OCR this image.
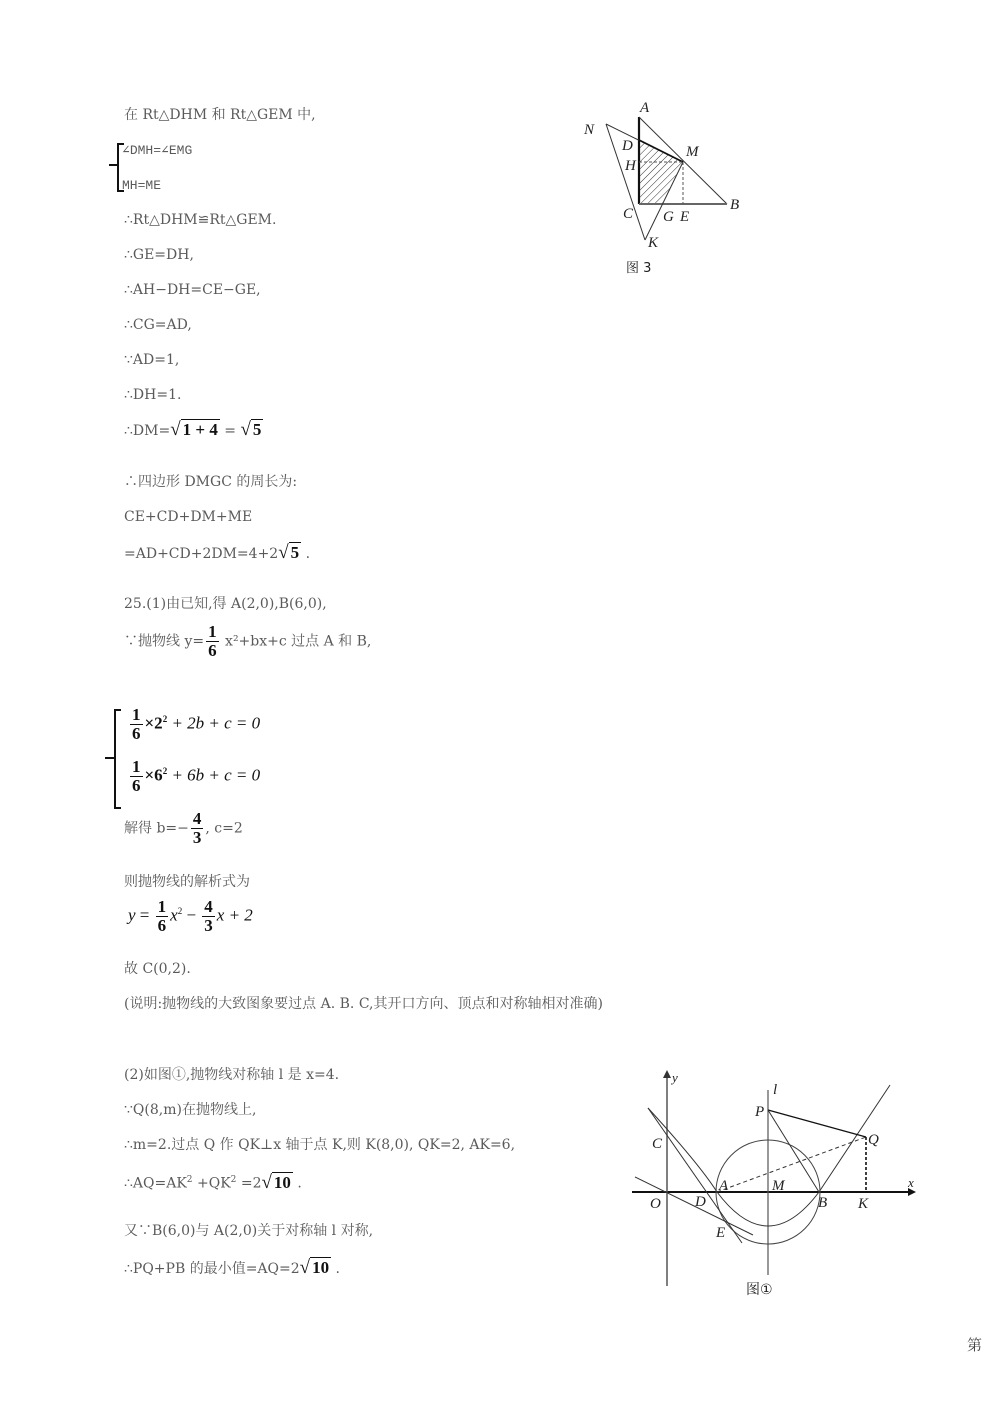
在 Rt△DHM 和 Rt△GEM 中,
∠DMH=∠EMG
MH=ME
∴Rt△DHM≌Rt△GEM.
∴GE=DH,
∴AH−DH=CE−GE,
∴CG=AD,
∵AD=1,
∴DH=1.
∴DM=√ 1 + 4 = √ 5
∴四边形 DMGC 的周长为:
CE+CD+DM+ME
=AD+CD+2DM=4+2√ 5 .
25.(1)由已知,得 A(2,0),B(6,0),
∵抛物线 $y= \frac{1}{6} x^2+bx+c$ 过点 A 和 B,
$\frac{1}{6} \times 2^2 + 2b + c = 0$
$\frac{1}{6} \times 6^2 + 6b + c = 0$
解得 $b=- \frac{4}{3}$ , c=2
则抛物线的解析式为
$y = \frac{1}{6} x^2 - \frac{4}{3}$ x + 2
故 C(0,2).
(说明:抛物线的大致图象要过点 A. B. C,其开口方向、顶点和对称轴相对准确)
(2)如图①,抛物线对称轴 l 是 x=4.
∵Q(8,m)在抛物线上,
∴m=2.过点 Q 作 QK⊥x 轴于点 K,则 K(8,0), QK=2, AK=6,
$\therefore AQ=AK^2 +QK^2 =2√$ 10 .
又∵B(6,0)与 A(2,0)关于对称轴 l 对称,
∴PQ+PB 的最小值=AQ=2√ 10 .
A
N
D	M
H
B
C G E
K
图 3
y
l
P
Q
C
M
A	x
O D	B K
E
图①
第
